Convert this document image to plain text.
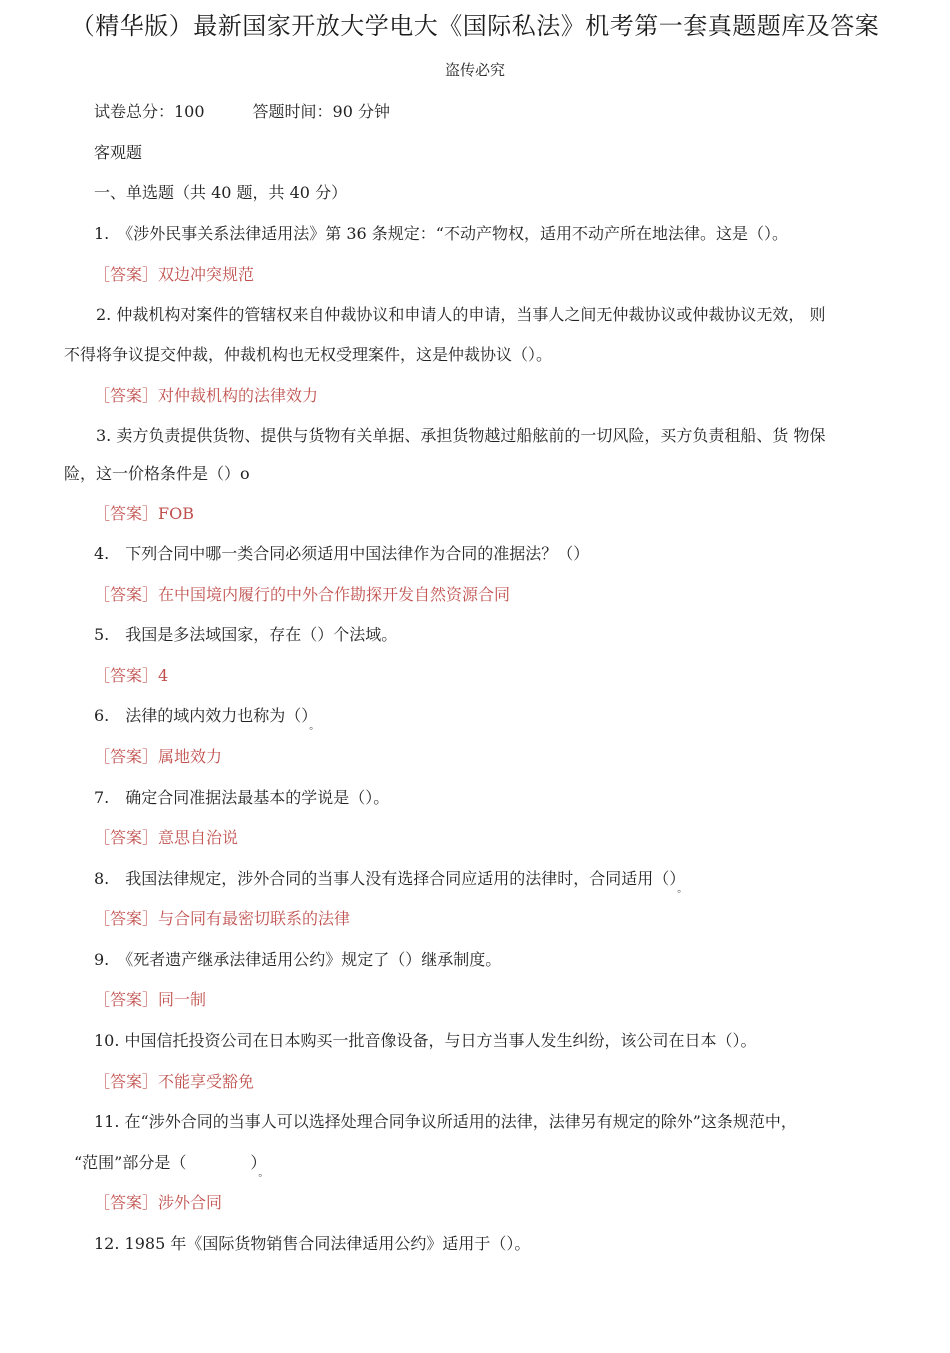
（精华版）最新国家开放大学电大《国际私法》机考第一套真题题库及答案
盗传必究
试卷总分：100	答题时间：90 分钟
客观题
一、单选题（共 40 题，共 40 分）
1.　《涉外民事关系法律适用法》第 36 条规定：“不动产物权，适用不动产所在地法律。这是（）。
［答案］双边冲突规范
2. 仲裁机构对案件的管辖权来自仲裁协议和申请人的申请，当事人之间无仲裁协议或仲裁协议无效， 则
不得将争议提交仲裁，仲裁机构也无权受理案件，这是仲裁协议（）。
［答案］对仲裁机构的法律效力
3. 卖方负责提供货物、提供与货物有关单据、承担货物越过船舷前的一切风险，买方负责租船、货 物保
险，这一价格条件是（）o
［答案］FOB
4.　下列合同中哪一类合同必须适用中国法律作为合同的准据法？（）
［答案］在中国境内履行的中外合作勘探开发自然资源合同
5.　我国是多法域国家，存在（）个法域。
［答案］4
6.　法律的域内效力也称为$()_。$
［答案］属地效力
7.　确定合同准据法最基本的学说是（）。
［答案］意思自治说
8.　我国法律规定，涉外合同的当事人没有选择合同应适用的法律时，合同适用$()_。$
［答案］与合同有最密切联系的法律
9.　《死者遗产继承法律适用公约》规定了（）继承制度。
［答案］同一制
10. 中国信托投资公司在日本购买一批音像设备，与日方当事人发生纠纷，该公司在日本（）。
［答案］不能享受豁免
11. 在“涉外合同的当事人可以选择处理合同争议所适用的法律，法律另有规定的除外”这条规范中，
“范围”部分是（　　　　）$_。$
［答案］涉外合同
12. 1985 年《国际货物销售合同法律适用公约》适用于（）。
